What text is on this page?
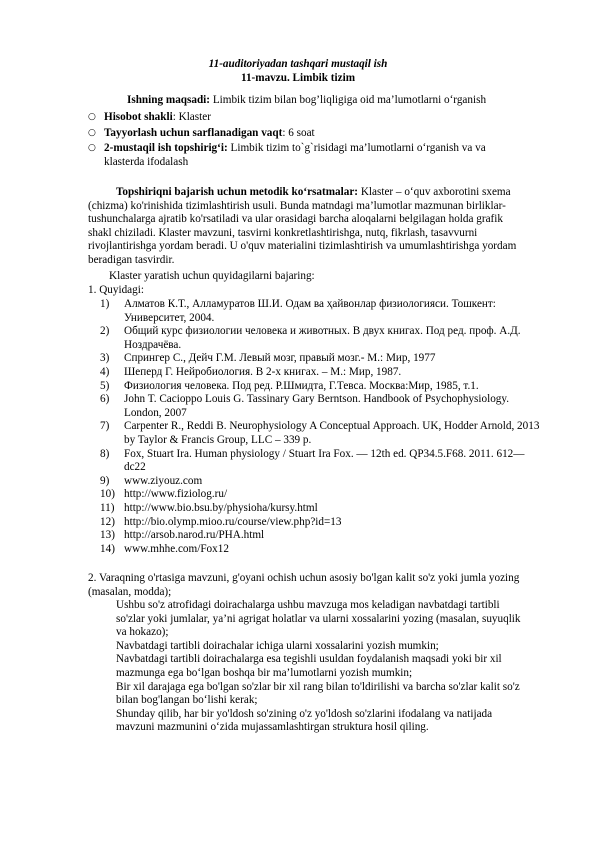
11-auditoriyadan tashqari mustaqil ish
11-mavzu. Limbik tizim
Ishning maqsadi: Limbik tizim bilan bog’liqligiga oid ma’lumotlarni o‘rganish
○ Hisobot shakli: Klaster
○ Tayyorlash uchun sarflanadigan vaqt: 6 soat
○ 2-mustaqil ish topshirig‘i: Limbik tizim to`g`risidagi ma’lumotlarni o‘rganish va va klasterda ifodalash
Topshiriqni bajarish uchun metodik ko‘rsatmalar: Klaster – o‘quv axborotini sxema (chizma) ko'rinishida tizimlashtirish usuli. Bunda matndagi ma’lumotlar mazmunan birliklar-tushunchalarga ajratib ko'rsatiladi va ular orasidagi barcha aloqalarni belgilagan holda grafik shakl chiziladi. Klaster mavzuni, tasvirni konkretlashtirishga, nutq, fikrlash, tasavvurni rivojlantirishga yordam beradi. U o'quv materialini tizimlashtirish va umumlashtirishga yordam beradigan tasvirdir.
Klaster yaratish uchun quyidagilarni bajaring:
1. Quyidagi:
1) Алматов К.Т., Алламуратов Ш.И. Одам ва ҳайвонлар физиологияси. Тошкент: Университет, 2004.
2) Общий курс физиологии человека и животных. В двух книгах. Под ред. проф. А.Д. Ноздрачёва.
3) Спрингер С., Дейч Г.М. Левый мозг, правый мозг.- М.: Мир, 1977
4) Шеперд Г. Нейробиология. В 2-х книгах. – М.: Мир, 1987.
5) Физиология человека. Под ред. Р.Шмидта, Г.Тевса. Москва:Мир, 1985, т.1.
6) John T. Cacioppo Louis G. Tassinary Gary Berntson. Handbook of Psychophysiology. London, 2007
7) Carpenter R., Reddi B. Neurophysiology A Conceptual Approach. UK, Hodder Arnold, 2013 by Taylor & Francis Group, LLC – 339 p.
8) Fox, Stuart Ira. Human physiology / Stuart Ira Fox. — 12th ed. QP34.5.F68. 2011. 612—dc22
9) www.ziyouz.com
10) http://www.fiziolog.ru/
11) http://www.bio.bsu.by/physioha/kursy.html
12) http://bio.olymp.mioo.ru/course/view.php?id=13
13) http://arsob.narod.ru/PHA.html
14) www.mhhe.com/Fox12
2. Varaqning o'rtasiga mavzuni, g'oyani ochish uchun asosiy bo'lgan kalit so'z yoki jumla yozing (masalan, modda);
Ushbu so'z atrofidagi doirachalarga ushbu mavzuga mos keladigan navbatdagi tartibli so'zlar yoki jumlalar, ya’ni agrigat holatlar va ularni xossalarini yozing (masalan, suyuqlik va hokazo);
Navbatdagi tartibli doirachalar ichiga ularni xossalarini yozish mumkin;
Navbatdagi tartibli doirachalarga esa tegishli usuldan foydalanish maqsadi yoki bir xil mazmunga ega bo‘lgan boshqa bir ma’lumotlarni yozish mumkin;
Bir xil darajaga ega bo'lgan so'zlar bir xil rang bilan to'ldirilishi va barcha so'zlar kalit so'z bilan bog'langan bo‘lishi kerak;
Shunday qilib, har bir yo'ldosh so'zining o'z yo'ldosh so'zlarini ifodalang va natijada mavzuni mazmunini o‘zida mujassamlashtirgan struktura hosil qiling.
